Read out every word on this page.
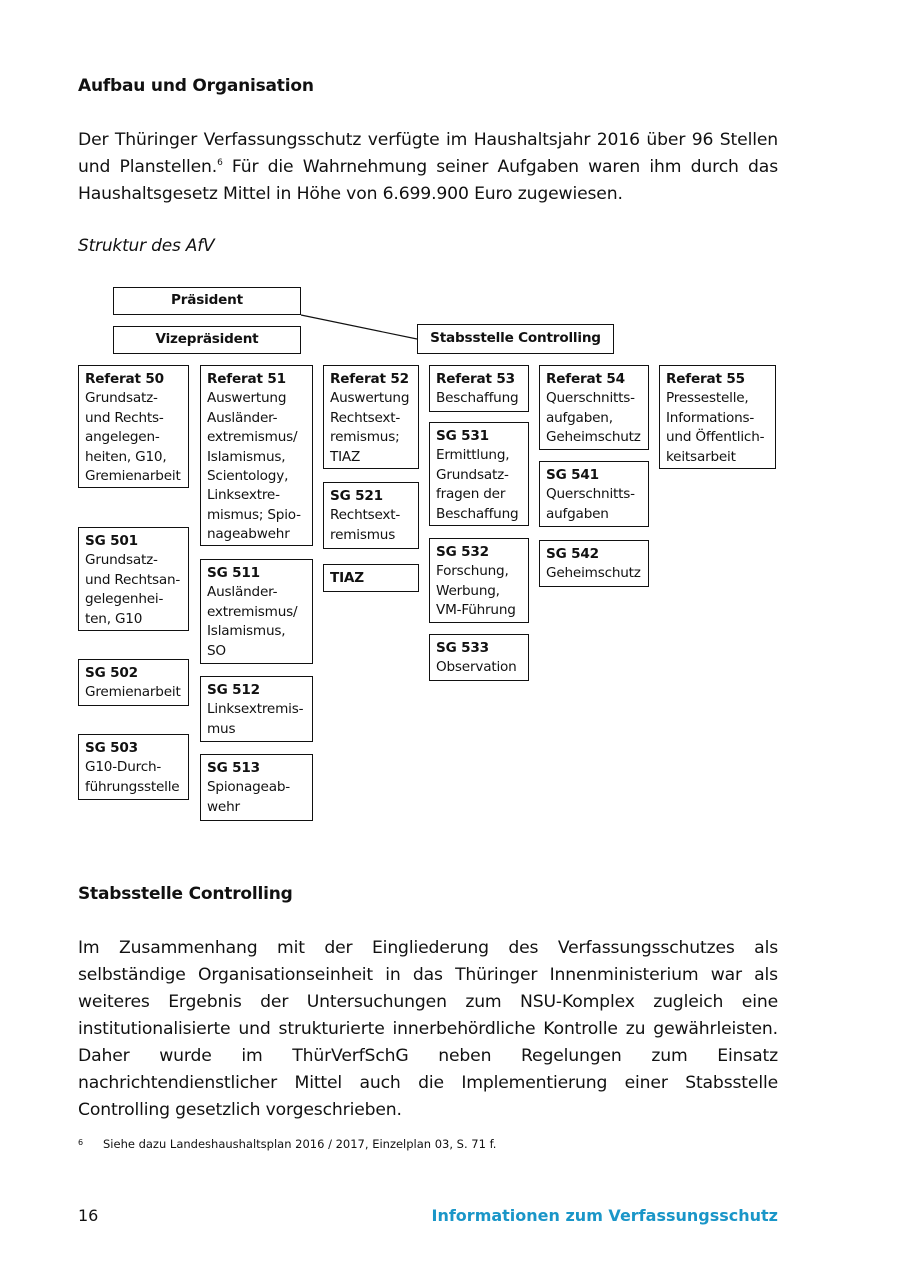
Aufbau und Organisation
Der Thüringer Verfassungsschutz verfügte im Haushaltsjahr 2016 über 96 Stellen und Planstellen.$^6$ Für die Wahrnehmung seiner Aufgaben waren ihm durch das Haushaltsgesetz Mittel in Höhe von 6.699.900 Euro zugewiesen.
Struktur des AfV
Präsident
Vizepräsident	Stabsstelle Controlling
Referat 50
Grundsatz-
und Rechts-
angelegen-
heiten, G10,
Gremienarbeit
SG 501
Grundsatz-
und Rechtsan-
gelegenhei-
ten, G10
SG 502
Gremienarbeit
SG 503
G10-Durch-
führungsstelle
Referat 51
Auswertung
Ausländer-
extremismus/
Islamismus,
Scientology,
Linksextre-
mismus; Spio-
nageabwehr
SG 511
Ausländer-
extremismus/
Islamismus,
SO
SG 512
Linksextremis-
mus
SG 513
Spionageab-
wehr
Referat 52
Auswertung
Rechtsext-
remismus;
TIAZ
SG 521
Rechtsext-
remismus
TIAZ
Referat 53
Beschaffung
SG 531
Ermittlung,
Grundsatz-
fragen der
Beschaffung
SG 532
Forschung,
Werbung,
VM-Führung
SG 533
Observation
Referat 54
Querschnitts-
aufgaben,
Geheimschutz
SG 541
Querschnitts-
aufgaben
SG 542
Geheimschutz
Referat 55
Pressestelle,
Informations-
und Öffentlich-
keitsarbeit
Stabsstelle Controlling
Im Zusammenhang mit der Eingliederung des Verfassungsschutzes als selbständige Organisationseinheit in das Thüringer Innenministerium war als weiteres Ergebnis der Untersuchungen zum NSU-Komplex zugleich eine institutionalisierte und strukturierte innerbehördliche Kontrolle zu gewährleisten. Daher wurde im ThürVerfSchG neben Regelungen zum Einsatz nachrichtendienstlicher Mittel auch die Implementierung einer Stabsstelle Controlling gesetzlich vorgeschrieben.
6 Siehe dazu Landeshaushaltsplan 2016 / 2017, Einzelplan 03, S. 71 f.
16	Informationen zum Verfassungsschutz
